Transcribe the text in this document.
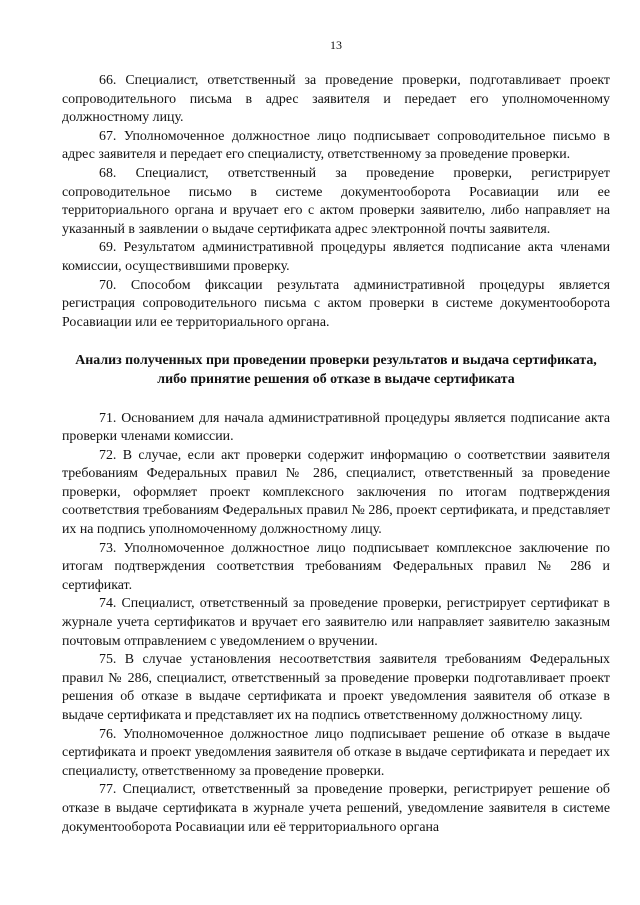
13

66. Специалист, ответственный за проведение проверки, подготавливает проект сопроводительного письма в адрес заявителя и передает его уполномоченному должностному лицу.

67. Уполномоченное должностное лицо подписывает сопроводительное письмо в адрес заявителя и передает его специалисту, ответственному за проведение проверки.

68. Специалист, ответственный за проведение проверки, регистрирует сопроводительное письмо в системе документооборота Росавиации или ее территориального органа и вручает его с актом проверки заявителю, либо направляет на указанный в заявлении о выдаче сертификата адрес электронной почты заявителя.

69. Результатом административной процедуры является подписание акта членами комиссии, осуществившими проверку.

70. Способом фиксации результата административной процедуры является регистрация сопроводительного письма с актом проверки в системе документооборота Росавиации или ее территориального органа.

Анализ полученных при проведении проверки результатов и выдача сертификата, либо принятие решения об отказе в выдаче сертификата

71. Основанием для начала административной процедуры является подписание акта проверки членами комиссии.

72. В случае, если акт проверки содержит информацию о соответствии заявителя требованиям Федеральных правил № 286, специалист, ответственный за проведение проверки, оформляет проект комплексного заключения по итогам подтверждения соответствия требованиям Федеральных правил № 286, проект сертификата, и представляет их на подпись уполномоченному должностному лицу.

73. Уполномоченное должностное лицо подписывает комплексное заключение по итогам подтверждения соответствия требованиям Федеральных правил № 286 и сертификат.

74. Специалист, ответственный за проведение проверки, регистрирует сертификат в журнале учета сертификатов и вручает его заявителю или направляет заявителю заказным почтовым отправлением с уведомлением о вручении.

75. В случае установления несоответствия заявителя требованиям Федеральных правил № 286, специалист, ответственный за проведение проверки подготавливает проект решения об отказе в выдаче сертификата и проект уведомления заявителя об отказе в выдаче сертификата и представляет их на подпись ответственному должностному лицу.

76. Уполномоченное должностное лицо подписывает решение об отказе в выдаче сертификата и проект уведомления заявителя об отказе в выдаче сертификата и передает их специалисту, ответственному за проведение проверки.

77. Специалист, ответственный за проведение проверки, регистрирует решение об отказе в выдаче сертификата в журнале учета решений, уведомление заявителя в системе документооборота Росавиации или её территориального органа
